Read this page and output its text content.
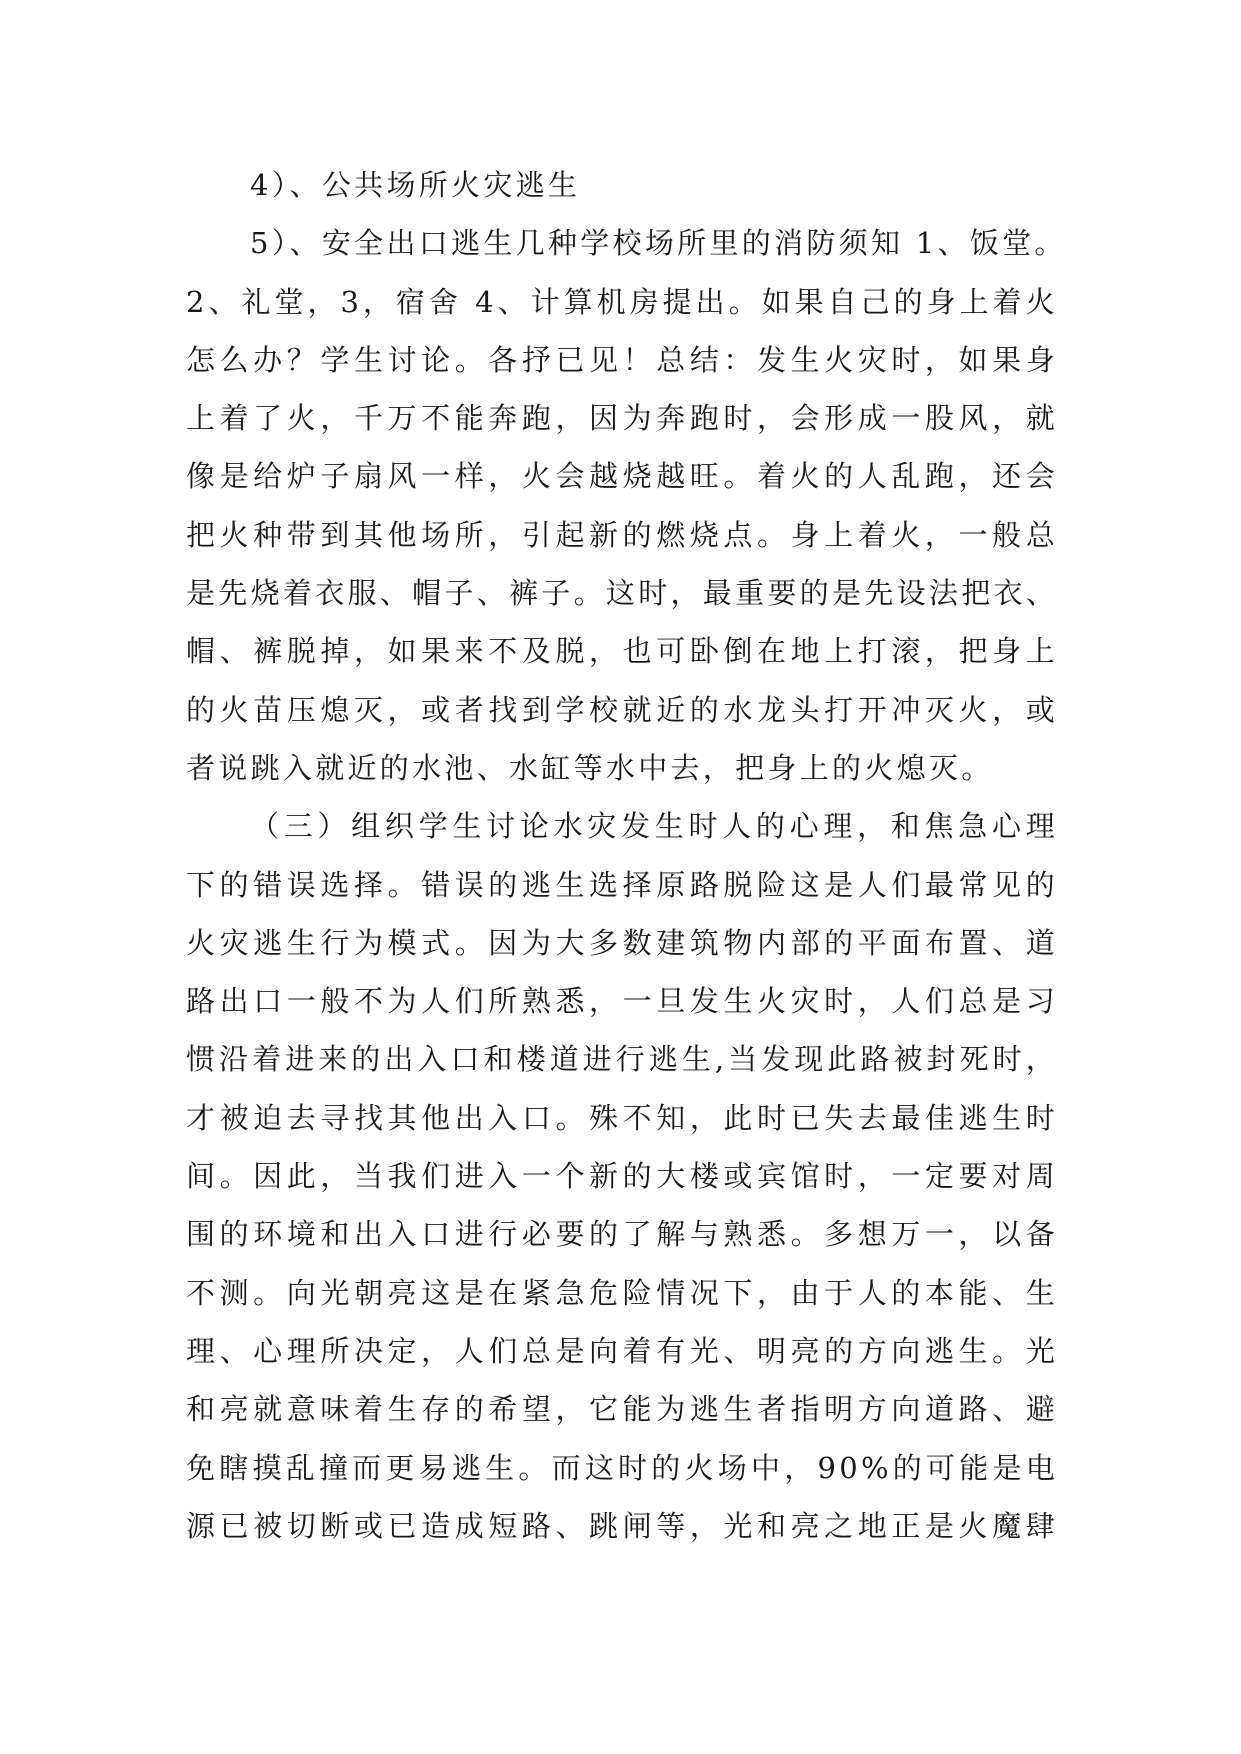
4）、公共场所火灾逃生
5）、安全出口逃生几种学校场所里的消防须知 1、饭堂。
2、礼堂，3，宿舍 4、计算机房提出。如果自己的身上着火
怎么办？学生讨论。各抒已见！总结：发生火灾时，如果身
上着了火，千万不能奔跑，因为奔跑时，会形成一股风，就
像是给炉子扇风一样，火会越烧越旺。着火的人乱跑，还会
把火种带到其他场所，引起新的燃烧点。身上着火，一般总
是先烧着衣服、帽子、裤子。这时，最重要的是先设法把衣、
帽、裤脱掉，如果来不及脱，也可卧倒在地上打滚，把身上
的火苗压熄灭，或者找到学校就近的水龙头打开冲灭火，或
者说跳入就近的水池、水缸等水中去，把身上的火熄灭。
（三）组织学生讨论水灾发生时人的心理，和焦急心理
下的错误选择。错误的逃生选择原路脱险这是人们最常见的
火灾逃生行为模式。因为大多数建筑物内部的平面布置、道
路出口一般不为人们所熟悉，一旦发生火灾时，人们总是习
惯沿着进来的出入口和楼道进行逃生,当发现此路被封死时，
才被迫去寻找其他出入口。殊不知，此时已失去最佳逃生时
间。因此，当我们进入一个新的大楼或宾馆时，一定要对周
围的环境和出入口进行必要的了解与熟悉。多想万一，以备
不测。向光朝亮这是在紧急危险情况下，由于人的本能、生
理、心理所决定，人们总是向着有光、明亮的方向逃生。光
和亮就意味着生存的希望，它能为逃生者指明方向道路、避
免瞎摸乱撞而更易逃生。而这时的火场中，90%的可能是电
源已被切断或已造成短路、跳闸等，光和亮之地正是火魔肆
